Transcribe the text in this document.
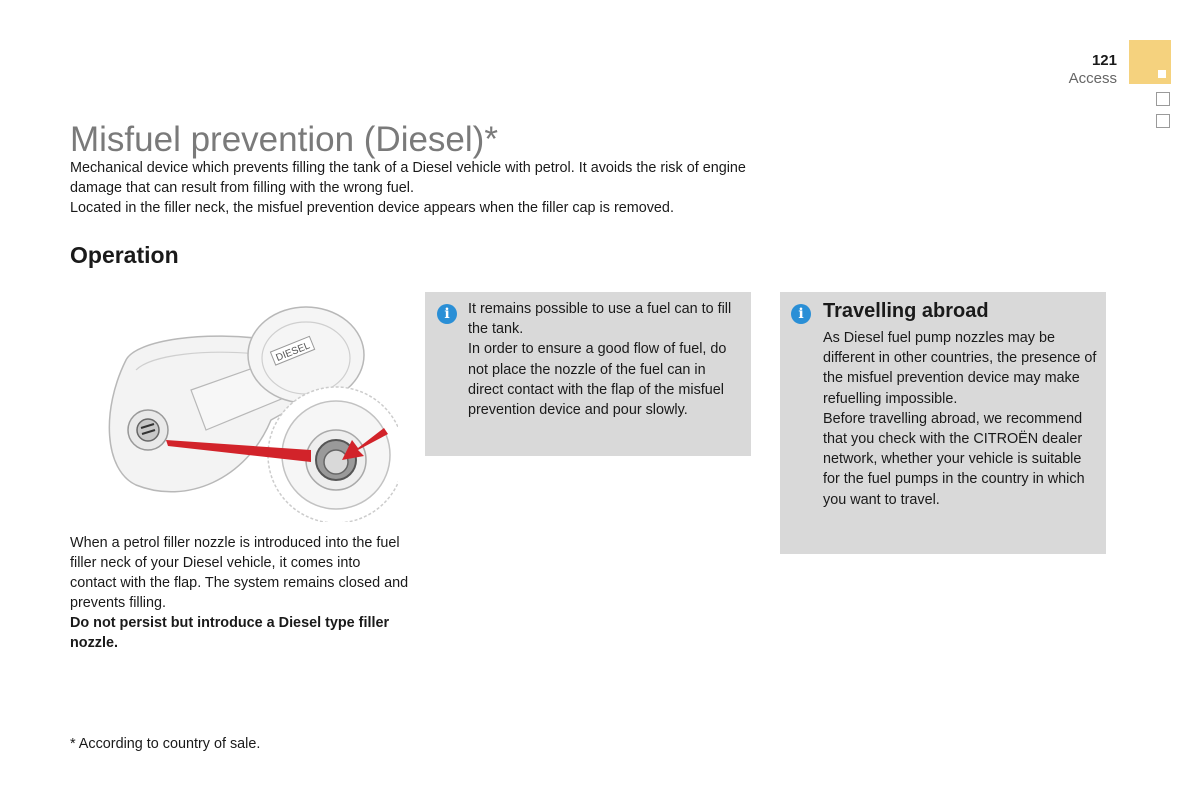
121
Access
Misfuel prevention (Diesel)*

Mechanical device which prevents filling the tank of a Diesel vehicle with petrol. It avoids the risk of engine damage that can result from filling with the wrong fuel.

Located in the filler neck, the misfuel prevention device appears when the filler cap is removed.

Operation
DIESEL

When a petrol filler nozzle is introduced into the fuel filler neck of your Diesel vehicle, it comes into contact with the flap. The system remains closed and prevents filling.

Do not persist but introduce a Diesel type filler nozzle.

i	It remains possible to use a fuel can to fill the tank.

In order to ensure a good flow of fuel, do not place the nozzle of the fuel can in direct contact with the flap of the misfuel prevention device and pour slowly.

i Travelling abroad

As Diesel fuel pump nozzles may be different in other countries, the presence of the misfuel prevention device may make refuelling impossible.

Before travelling abroad, we recommend that you check with the CITROËN dealer network, whether your vehicle is suitable for the fuel pumps in the country in which you want to travel.

* According to country of sale.
